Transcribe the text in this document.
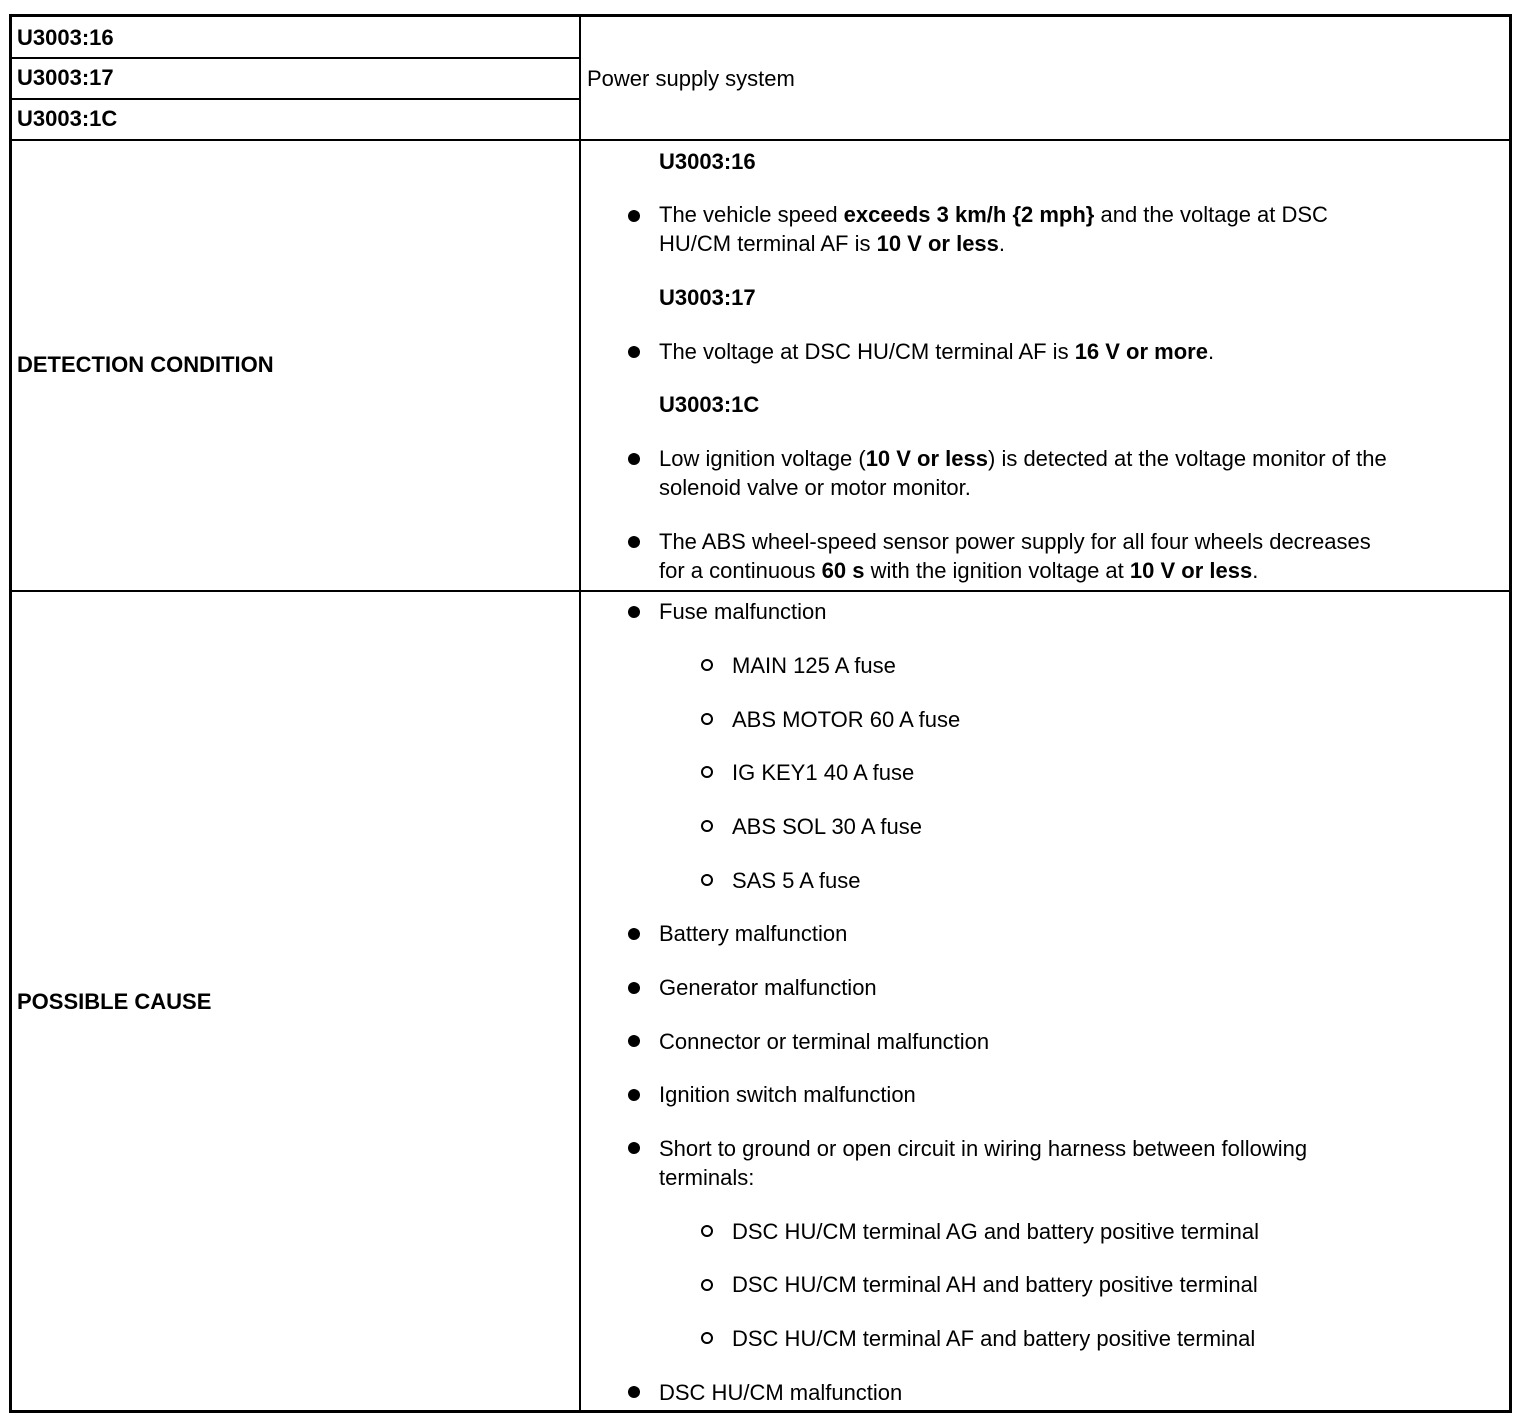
U3003:16
U3003:17
U3003:1C
Power supply system
DETECTION CONDITION
POSSIBLE CAUSE
U3003:16
The vehicle speed exceeds 3 km/h {2 mph} and the voltage at DSC
HU/CM terminal AF is 10 V or less.
U3003:17
The voltage at DSC HU/CM terminal AF is 16 V or more.
U3003:1C
Low ignition voltage (10 V or less) is detected at the voltage monitor of the
solenoid valve or motor monitor.
The ABS wheel-speed sensor power supply for all four wheels decreases
for a continuous 60 s with the ignition voltage at 10 V or less.
Fuse malfunction
MAIN 125 A fuse
ABS MOTOR 60 A fuse
IG KEY1 40 A fuse
ABS SOL 30 A fuse
SAS 5 A fuse
Battery malfunction
Generator malfunction
Connector or terminal malfunction
Ignition switch malfunction
Short to ground or open circuit in wiring harness between following
terminals:
DSC HU/CM terminal AG and battery positive terminal
DSC HU/CM terminal AH and battery positive terminal
DSC HU/CM terminal AF and battery positive terminal
DSC HU/CM malfunction
